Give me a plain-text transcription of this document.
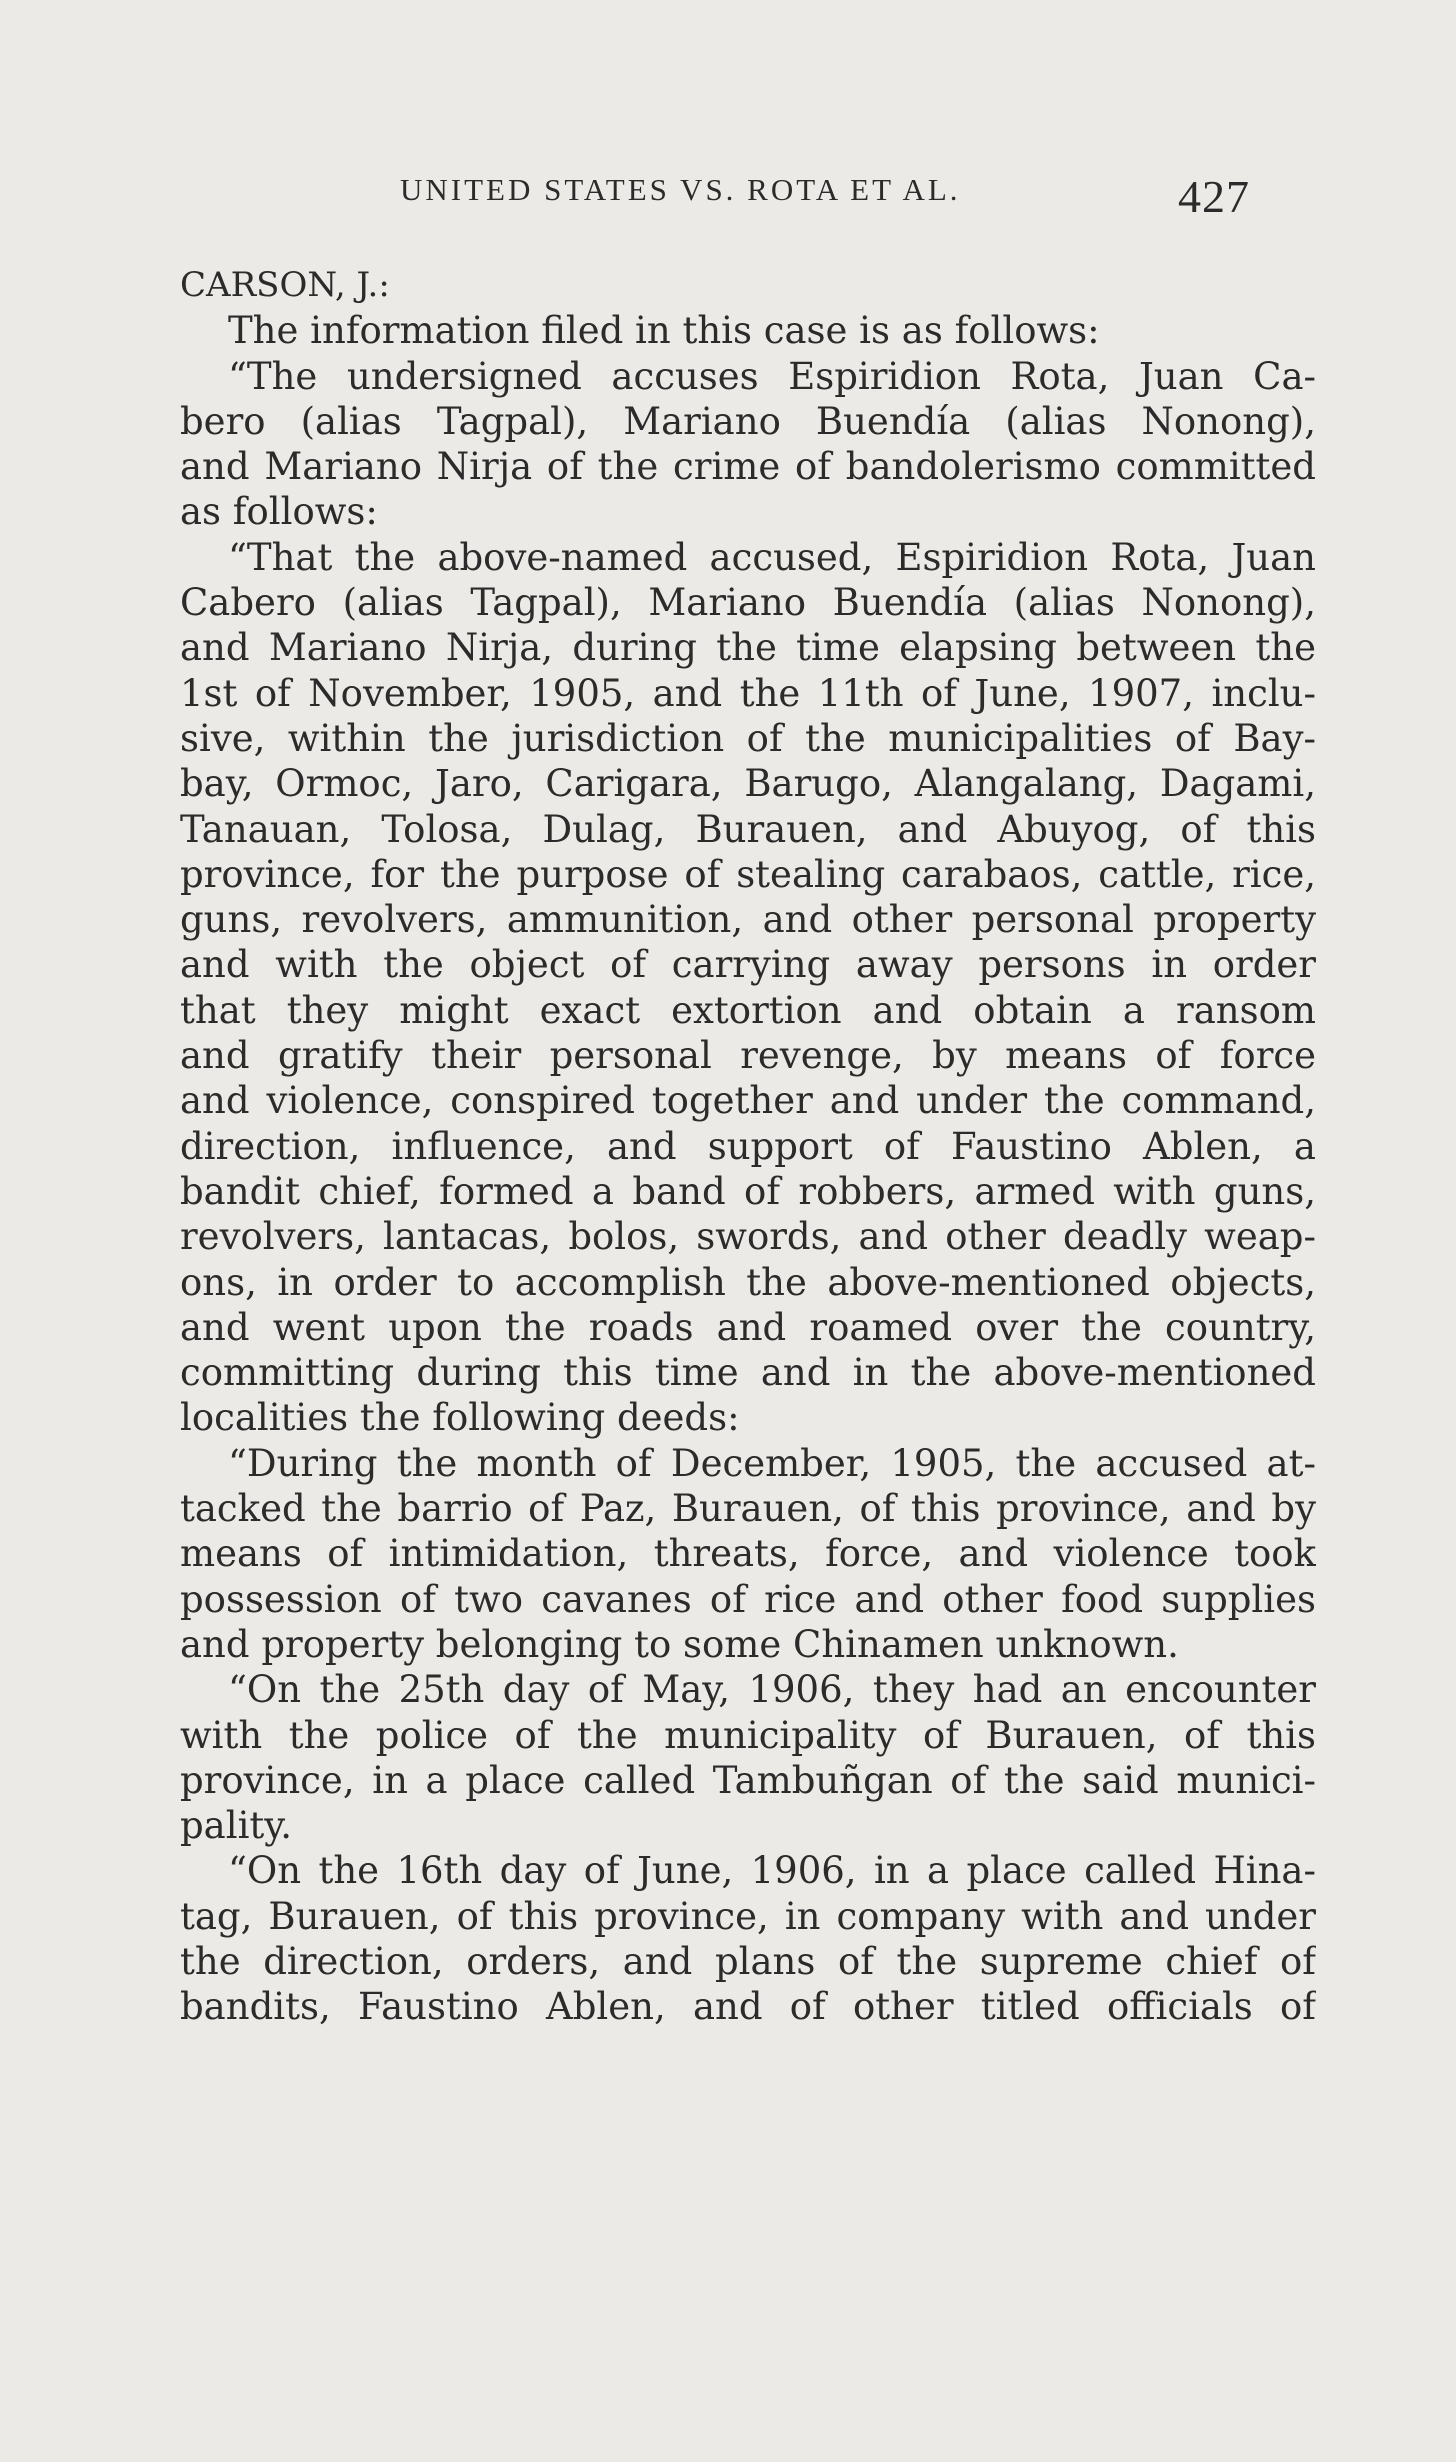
UNITED STATES VS. ROTA ET AL.	427
CARSON, J.:
The information filed in this case is as follows:
“The undersigned accuses Espiridion Rota, Juan Ca-
bero (alias Tagpal), Mariano Buendía (alias Nonong),
and Mariano Nirja of the crime of bandolerismo committed
as follows:
“That the above-named accused, Espiridion Rota, Juan
Cabero (alias Tagpal), Mariano Buendía (alias Nonong),
and Mariano Nirja, during the time elapsing between the
1st of November, 1905, and the 11th of June, 1907, inclu-
sive, within the jurisdiction of the municipalities of Bay-
bay, Ormoc, Jaro, Carigara, Barugo, Alangalang, Dagami,
Tanauan, Tolosa, Dulag, Burauen, and Abuyog, of this
province, for the purpose of stealing carabaos, cattle, rice,
guns, revolvers, ammunition, and other personal property
and with the object of carrying away persons in order
that they might exact extortion and obtain a ransom
and gratify their personal revenge, by means of force
and violence, conspired together and under the command,
direction, influence, and support of Faustino Ablen, a
bandit chief, formed a band of robbers, armed with guns,
revolvers, lantacas, bolos, swords, and other deadly weap-
ons, in order to accomplish the above-mentioned objects,
and went upon the roads and roamed over the country,
committing during this time and in the above-mentioned
localities the following deeds:
“During the month of December, 1905, the accused at-
tacked the barrio of Paz, Burauen, of this province, and by
means of intimidation, threats, force, and violence took
possession of two cavanes of rice and other food supplies
and property belonging to some Chinamen unknown.
“On the 25th day of May, 1906, they had an encounter
with the police of the municipality of Burauen, of this
province, in a place called Tambuñgan of the said munici-
pality.
“On the 16th day of June, 1906, in a place called Hina-
tag, Burauen, of this province, in company with and under
the direction, orders, and plans of the supreme chief of
bandits, Faustino Ablen, and of other titled officials of
